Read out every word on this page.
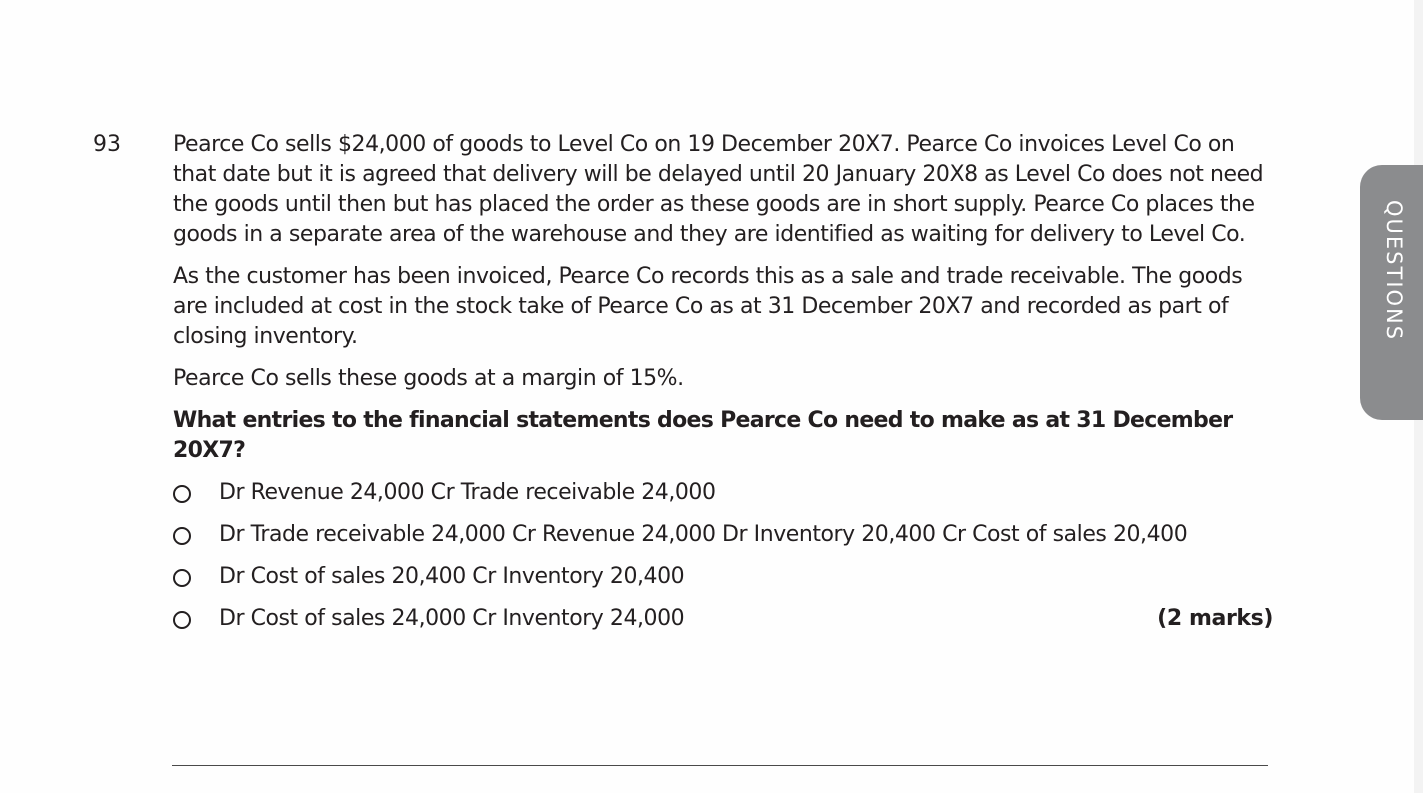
QUESTIONS
93 Pearce Co sells $24,000 of goods to Level Co on 19 December 20X7. Pearce Co invoices Level Co on that date but it is agreed that delivery will be delayed until 20 January 20X8 as Level Co does not need the goods until then but has placed the order as these goods are in short supply. Pearce Co places the goods in a separate area of the warehouse and they are identified as waiting for delivery to Level Co.

As the customer has been invoiced, Pearce Co records this as a sale and trade receivable. The goods are included at cost in the stock take of Pearce Co as at 31 December 20X7 and recorded as part of closing inventory.

Pearce Co sells these goods at a margin of 15%.

What entries to the financial statements does Pearce Co need to make as at 31 December 20X7?

Dr Revenue 24,000 Cr Trade receivable 24,000
Dr Trade receivable 24,000 Cr Revenue 24,000 Dr Inventory 20,400 Cr Cost of sales 20,400
Dr Cost of sales 20,400 Cr Inventory 20,400
Dr Cost of sales 24,000 Cr Inventory 24,000	(2 marks)
